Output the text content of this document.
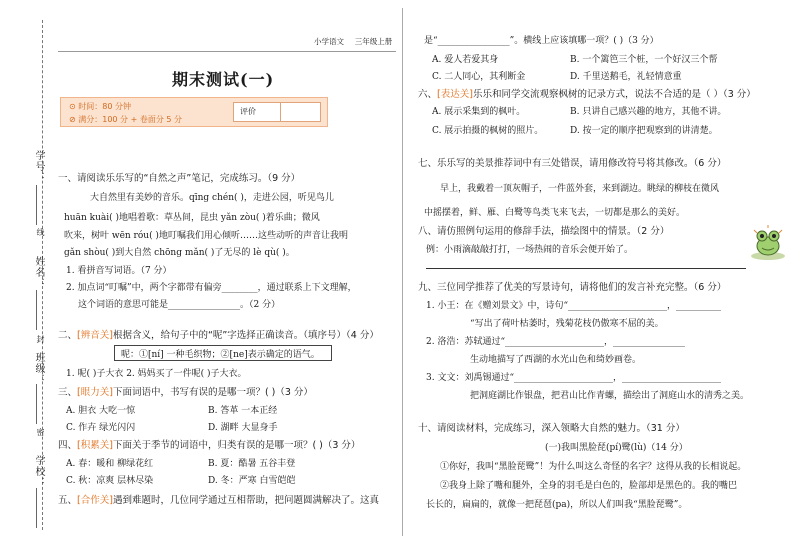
学号：
线
姓名：
封
班级：
密
学校：
小学语文 三年级上册
期末测试(一)
⊙ 时间：80 分钟
⊘ 满分：100 分 + 卷面分 5 分
评价
一、请阅读乐乐写的“自然之声”笔记，完成练习。（9 分）
大自然里有美妙的音乐。qīng chén( )，走进公园，听见鸟儿
huān kuài( )地唱着歌：草丛间，昆虫 yǎn zòu( )着乐曲；微风
吹来，树叶 wēn róu( )地叮嘱我们用心倾听……这些动听的声音让我明
gǎn shòu( )到大自然 chōng mǎn( )了无尽的 lè qù( )。
1. 看拼音写词语。（7 分）
2. 加点词“叮嘱”中，两个字都带有偏旁________，通过联系上下文理解，
这个词语的意思可能是________________。（2 分）
二、[辨音关]根据含义，给句子中的“呢”字选择正确读音。（填序号）（4 分）
呢：①[ní] 一种毛织物；②[ne]表示确定的语气。
1. 呢( )子大衣 2. 妈妈买了一件呢( )子大衣。
三、[眼力关]下面词语中，书写有误的是哪一项？( )（3 分）
A. 胆衣 大吃一惊	B. 答革 一本正经
C. 作卉 绿光闪闪	D. 湖畔 大显身手
四、[积累关]下面关于季节的词语中，归类有误的是哪一项？( )（3 分）
A. 春：暖和 柳绿花红	B. 夏：酷暑 五谷丰登
C. 秋：凉爽 层林尽染	D. 冬：严寒 白雪皑皑
五、[合作关]遇到难题时，几位同学通过互相帮助，把问题圆满解决了。这真
是“________________”。横线上应该填哪一项？( )（3 分）
A. 爱人若爱其身	B. 一个篱笆三个桩，一个好汉三个帮
C. 二人同心，其利断金	D. 千里送鹅毛，礼轻情意重
六、[表达关]乐乐和同学交流观察枫树的记录方式，说法不合适的是（ ）（3 分）
A. 展示采集到的枫叶。	B. 只讲自己感兴趣的地方，其他不讲。
C. 展示拍摄的枫树的照片。	D. 按一定的顺序把观察到的讲清楚。
七、乐乐写的美景推荐词中有三处错误，请用修改符号将其修改。（6 分）
早上，我戴着一顶灰帽子，一件蓝外套，来到湖边。眺绿的柳枝在微风
中摇摆着，鲜、雁、白鹭等鸟类飞来飞去，一切都是那么的美好。
八、请仿照例句运用的修辞手法，描绘图中的情景。（2 分）
例：小雨滴敲敲打打，一场热闹的音乐会便开始了。
九、三位同学推荐了优美的写景诗句，请将他们的发言补充完整。（6 分）
1. 小王：在《赠刘景文》中，诗句“______________________，__________
“写出了荷叶枯萎时，残菊花枝仍傲寒不屈的美。
2. 洛浩：苏轼通过“______________________，________________
生动地描写了西湖的水光山色和绮妙画卷。
3. 文文：刘禹锡通过“______________________，______________________
把洞庭湖比作银盘，把君山比作青螺，描绘出了洞庭山水的清秀之美。
十、请阅读材料，完成练习，深入领略大自然的魅力。（31 分）
(一)我叫黑脸琵(pí)鹭(lù)（14 分）
①你好，我叫“黑脸琵鹭”！为什么叫这么奇怪的名字？这得从我的长相说起。
②我身上除了嘴和腿外，全身的羽毛是白色的，脸部却是黑色的。我的嘴巴
长长的，扁扁的，就像一把琵琶(pa)，所以人们叫我“黑脸琵鹭”。
